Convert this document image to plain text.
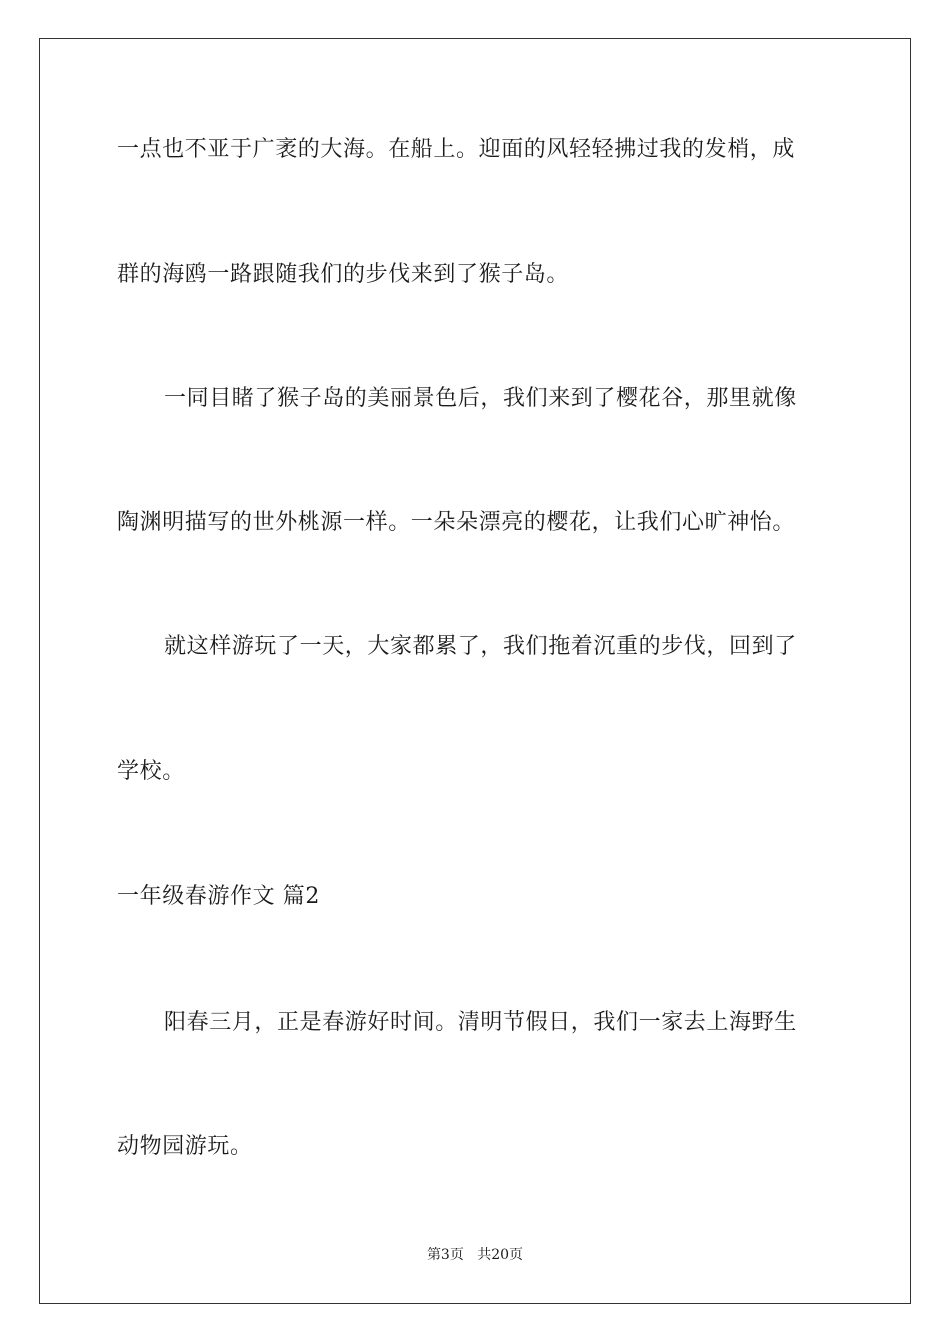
一点也不亚于广袤的大海。在船上。迎面的风轻轻拂过我的发梢，成
群的海鸥一路跟随我们的步伐来到了猴子岛。
一同目睹了猴子岛的美丽景色后，我们来到了樱花谷，那里就像
陶渊明描写的世外桃源一样。一朵朵漂亮的樱花，让我们心旷神怡。
就这样游玩了一天，大家都累了，我们拖着沉重的步伐，回到了
学校。
一年级春游作文 篇2
阳春三月，正是春游好时间。清明节假日，我们一家去上海野生
动物园游玩。
第3页 共20页
